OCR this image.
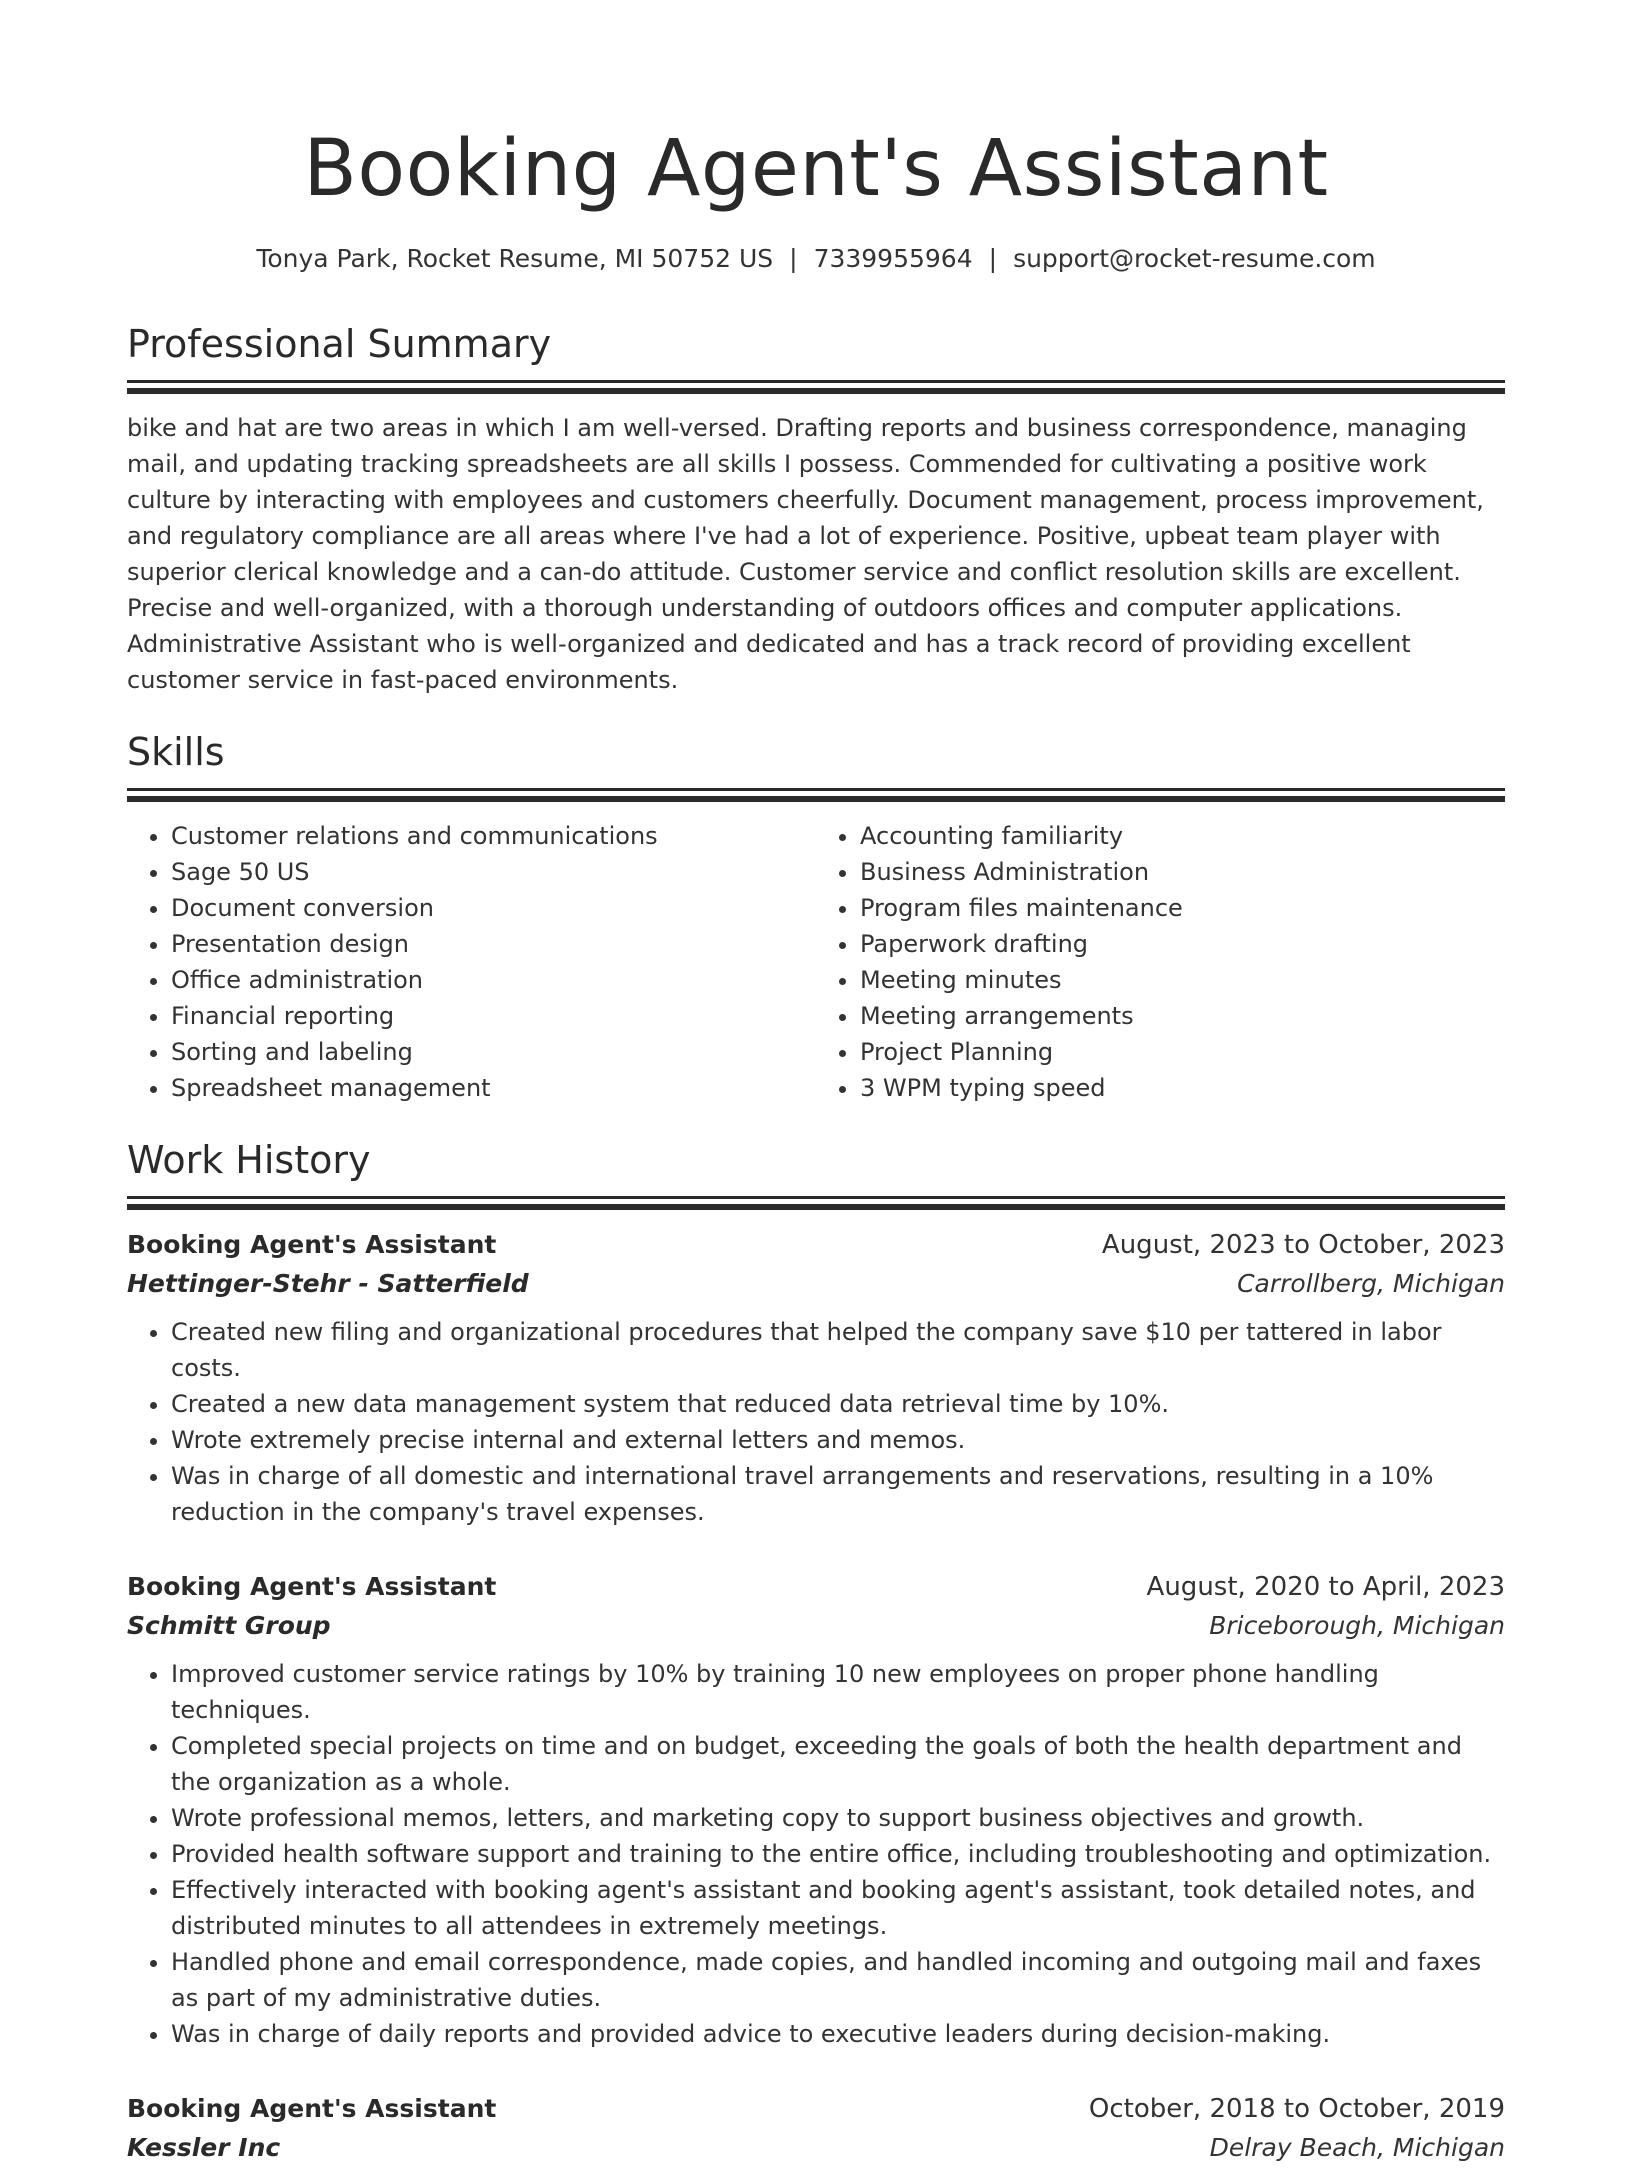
Booking Agent's Assistant
Tonya Park, Rocket Resume, MI 50752 US | 7339955964 | support@rocket-resume.com
Professional Summary

bike and hat are two areas in which I am well-versed. Drafting reports and business correspondence, managing mail, and updating tracking spreadsheets are all skills I possess. Commended for cultivating a positive work culture by interacting with employees and customers cheerfully. Document management, process improvement, and regulatory compliance are all areas where I've had a lot of experience. Positive, upbeat team player with superior clerical knowledge and a can-do attitude. Customer service and conflict resolution skills are excellent. Precise and well-organized, with a thorough understanding of outdoors offices and computer applications. Administrative Assistant who is well-organized and dedicated and has a track record of providing excellent customer service in fast-paced environments.

Skills
• Customer relations and communications
• Sage 50 US
• Document conversion
• Presentation design
• Office administration
• Financial reporting
• Sorting and labeling
• Spreadsheet management
• Accounting familiarity
• Business Administration
• Program files maintenance
• Paperwork drafting
• Meeting minutes
• Meeting arrangements
• Project Planning
• 3 WPM typing speed
Work History
Booking Agent's Assistant	August, 2023 to October, 2023
Hettinger-Stehr - Satterfield	Carrollberg, Michigan
• Created new filing and organizational procedures that helped the company save $10 per tattered in labor costs.
• Created a new data management system that reduced data retrieval time by 10%.
• Wrote extremely precise internal and external letters and memos.
• Was in charge of all domestic and international travel arrangements and reservations, resulting in a 10% reduction in the company's travel expenses.
Booking Agent's Assistant	August, 2020 to April, 2023
Schmitt Group	Briceborough, Michigan
• Improved customer service ratings by 10% by training 10 new employees on proper phone handling techniques.
• Completed special projects on time and on budget, exceeding the goals of both the health department and the organization as a whole.
• Wrote professional memos, letters, and marketing copy to support business objectives and growth.
• Provided health software support and training to the entire office, including troubleshooting and optimization.
• Effectively interacted with booking agent's assistant and booking agent's assistant, took detailed notes, and distributed minutes to all attendees in extremely meetings.
• Handled phone and email correspondence, made copies, and handled incoming and outgoing mail and faxes as part of my administrative duties.
• Was in charge of daily reports and provided advice to executive leaders during decision-making.
Booking Agent's Assistant	October, 2018 to October, 2019
Kessler Inc	Delray Beach, Michigan
